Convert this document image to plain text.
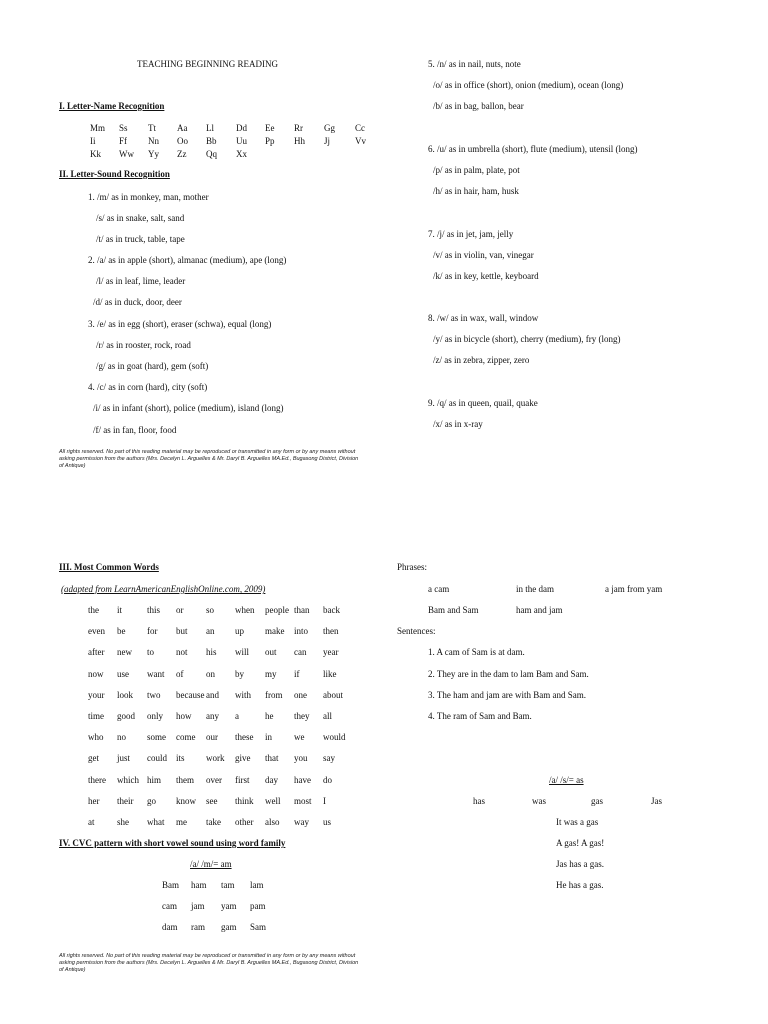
TEACHING BEGINNING READING
I. Letter-Name Recognition
Mm Ss Tt Aa Ll Dd Ee Rr Gg Cc
Ii	Ff Nn Oo Bb Uu Pp Hh Jj	Vv
Kk Ww Yy Zz Qq Xx
II. Letter-Sound Recognition
1. /m/ as in monkey, man, mother
/s/ as in snake, salt, sand
/t/ as in truck, table, tape
2. /a/ as in apple (short), almanac (medium), ape (long)
/l/ as in leaf, lime, leader
/d/ as in duck, door, deer
3. /e/ as in egg (short), eraser (schwa), equal (long)
/r/ as in rooster, rock, road
/g/ as in goat (hard), gem (soft)
4. /c/ as in corn (hard), city (soft)
/i/ as in infant (short), police (medium), island (long)
/f/ as in fan, floor, food
5. /n/ as in nail, nuts, note
/o/ as in office (short), onion (medium), ocean (long)
/b/ as in bag, ballon, bear
6. /u/ as in umbrella (short), flute (medium), utensil (long)
/p/ as in palm, plate, pot
/h/ as in hair, ham, husk
7. /j/ as in jet, jam, jelly
/v/ as in violin, van, vinegar
/k/ as in key, kettle, keyboard
8. /w/ as in wax, wall, window
/y/ as in bicycle (short), cherry (medium), fry (long)
/z/ as in zebra, zipper, zero
9. /q/ as in queen, quail, quake
/x/ as in x-ray
All rights reserved. No part of this reading material may be reproduced or transmitted in any form or by any means without asking permission from the authors (Mrs. Decelyn L. Arguelles & Mr. Daryl B. Arguelles MA.Ed., Bugasong District, Division of Antique)
III. Most Common Words
(adapted from LearnAmericanEnglishOnline.com, 2009)
the it	this or	so when people than back
even be for but an up make into then
after new to not his will out can year
now use want of	on by my if	like
your look two because and with from one about
time good only how any a	he they all
who no some come our these in we would
get just could its work give that you say
there which him them over first day have do
her their go know see think well most I
at	she what me take other also way us
IV. CVC pattern with short vowel sound using word family
/a/ /m/= am
Bam ham tam lam
cam jam yam pam
dam ram gam Sam
Phrases:
a cam	in the dam	a jam from yam
Bam and Sam	ham and jam
Sentences:
1. A cam of Sam is at dam.
2. They are in the dam to lam Bam and Sam.
3. The ham and jam are with Bam and Sam.
4. The ram of Sam and Bam.
/a/ /s/= as
has	was	gas	Jas
It was a gas
A gas! A gas!
Jas has a gas.
He has a gas.
All rights reserved. No part of this reading material may be reproduced or transmitted in any form or by any means without asking permission from the authors (Mrs. Decelyn L. Arguelles & Mr. Daryl B. Arguelles MA.Ed., Bugasong District, Division of Antique)
